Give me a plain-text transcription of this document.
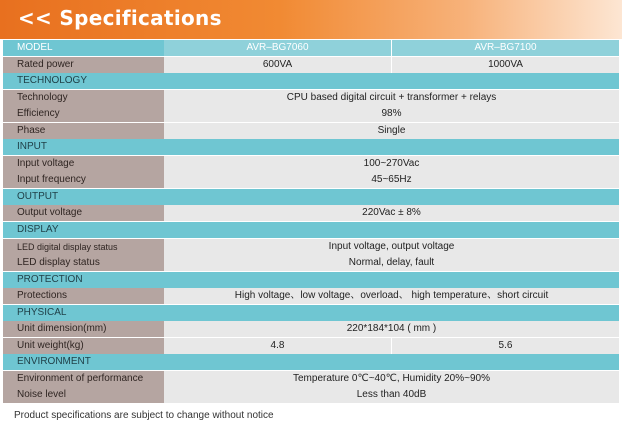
<< Specifications
MODEL	AVR–BG7060	AVR–BG7100
Rated power	600VA	1000VA
TECHNOLOGY
Technology	CPU based digital circuit + transformer + relays
Efficiency	98%
Phase	Single
INPUT
Input voltage	100~270Vac
Input frequency	45~65Hz
OUTPUT
Output voltage	220Vac ± 8%
DISPLAY
LED digital display status	Input voltage, output voltage
LED display status	Normal, delay, fault
PROTECTION
Protections	High voltage、low voltage、overload、 high temperature、short circuit
PHYSICAL
Unit dimension(mm)	220*184*104 ( mm )
Unit weight(kg)	4.8	5.6
ENVIRONMENT
Environment of performance	Temperature 0℃~40℃, Humidity 20%~90%
Noise level	Less than 40dB
Product specifications are subject to change without notice
